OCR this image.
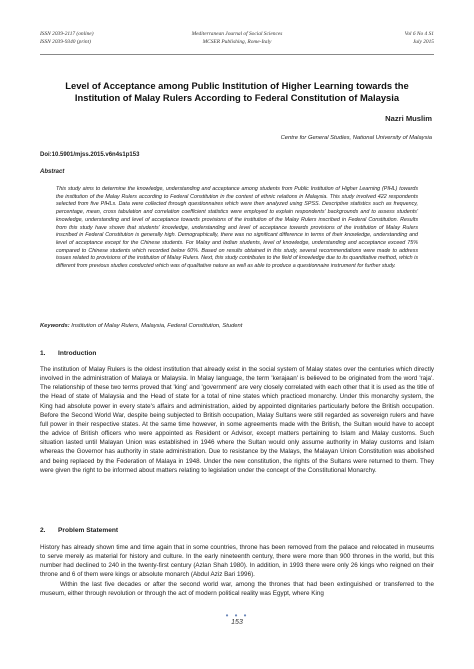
ISSN 2039-2117 (online)
ISSN 2039-9340 (print)
Mediterranean Journal of Social Sciences
MCSER Publishing, Rome-Italy
Vol 6 No 4 S1
July 2015
Level of Acceptance among Public Institution of Higher Learning towards the
Institution of Malay Rulers According to Federal Constitution of Malaysia
Nazri Muslim
Centre for General Studies, National University of Malaysia
Doi:10.5901/mjss.2015.v6n4s1p153
Abstract
This study aims to determine the knowledge, understanding and acceptance among students from Public Institution of Higher Learning (PIHL) towards the institution of the Malay Rulers according to Federal Constitution in the context of ethnic relations in Malaysia. This study involved 422 respondents selected from five PIHLs. Data were collected through questionnaires which were then analyzed using SPSS. Descriptive statistics such as frequency, percentage, mean, cross tabulation and correlation coefficient statistics were employed to explain respondents' backgrounds and to assess students' knowledge, understanding and level of acceptance towards provisions of the institution of the Malay Rulers inscribed in Federal Constitution. Results from this study have shown that students' knowledge, understanding and level of acceptance towards provisions of the institution of Malay Rulers inscribed in Federal Constitution is generally high. Demographically, there was no significant difference in terms of their knowledge, understanding and level of acceptance except for the Chinese students. For Malay and Indian students, level of knowledge, understanding and acceptance exceed 75% compared to Chinese students which recorded below 60%. Based on results obtained in this study, several recommendations were made to address issues related to provisions of the institution of Malay Rulers. Next, this study contributes to the field of knowledge due to its quantitative method, which is different from previous studies conducted which was of qualitative nature as well as able to produce a questionnaire instrument for further study.
Keywords: Institution of Malay Rulers, Malaysia, Federal Constitution, Student
1. Introduction

The institution of Malay Rulers is the oldest institution that already exist in the social system of Malay states over the centuries which directly involved in the administration of Malaya or Malaysia. In Malay language, the term 'kerajaan' is believed to be originated from the word 'raja'. The relationship of these two terms proved that 'king' and 'government' are very closely correlated with each other that it is used as the title of the Head of state of Malaysia and the Head of state for a total of nine states which practiced monarchy. Under this monarchy system, the King had absolute power in every state's affairs and administration, aided by appointed dignitaries particularly before the British occupation. Before the Second World War, despite being subjected to British occupation, Malay Sultans were still regarded as sovereign rulers and have full power in their respective states. At the same time however, in some agreements made with the British, the Sultan would have to accept the advice of British officers who were appointed as Resident or Advisor, except matters pertaining to Islam and Malay customs. Such situation lasted until Malayan Union was established in 1946 where the Sultan would only assume authority in Malay customs and Islam whereas the Governor has authority in state administration. Due to resistance by the Malays, the Malayan Union Constitution was abolished and being replaced by the Federation of Malaya in 1948. Under the new constitution, the rights of the Sultans were returned to them. They were given the right to be informed about matters relating to legislation under the concept of the Constitutional Monarchy.

2. Problem Statement

History has already shown time and time again that in some countries, throne has been removed from the palace and relocated in museums to serve merely as material for history and culture. In the early nineteenth century, there were more than 900 thrones in the world, but this number had declined to 240 in the twenty-first century (Azlan Shah 1980). In addition, in 1993 there were only 26 kings who reigned on their throne and 6 of them were kings or absolute monarch (Abdul Aziz Bari 1996).

Within the last five decades or after the second world war, among the thrones that had been extinguished or transferred to the museum, either through revolution or through the act of modern political reality was Egypt, where King

• • •
153
